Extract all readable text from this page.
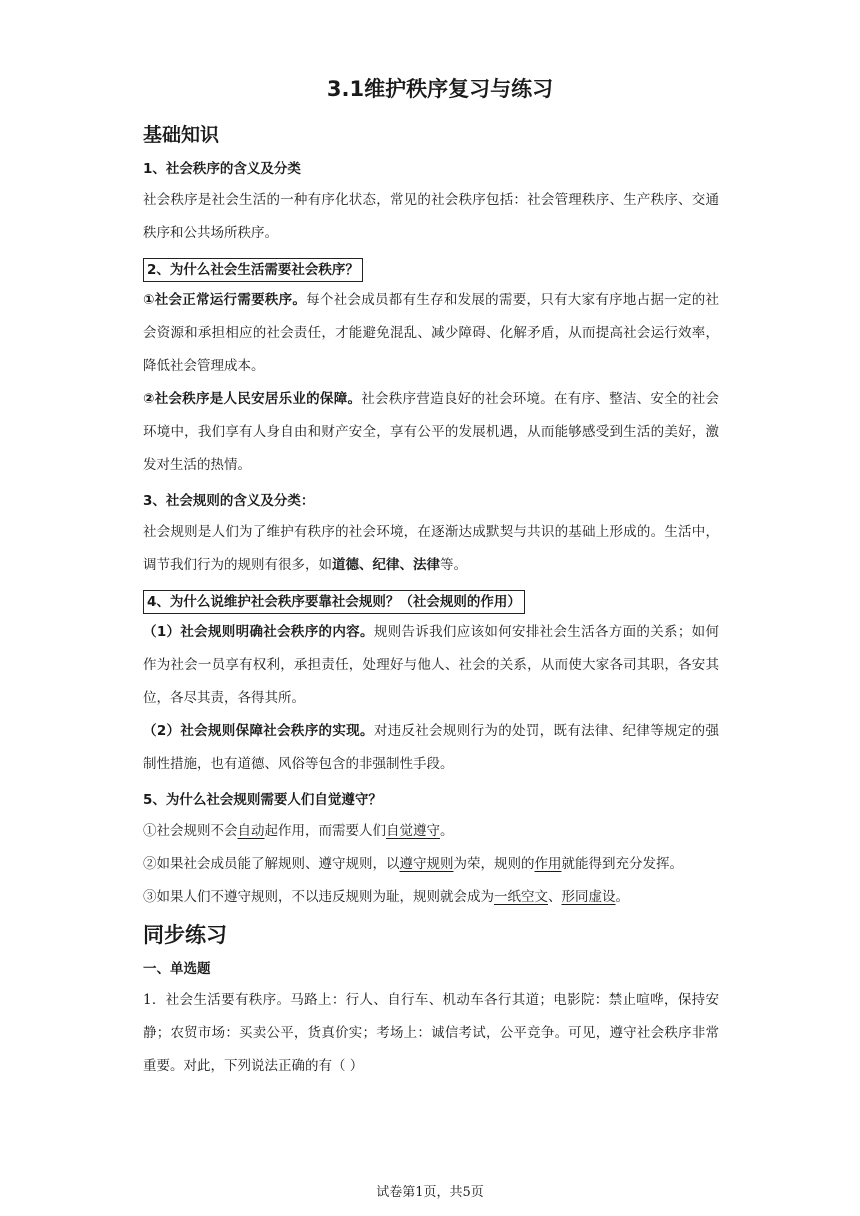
3.1维护秩序复习与练习
基础知识
1、社会秩序的含义及分类

社会秩序是社会生活的一种有序化状态，常见的社会秩序包括：社会管理秩序、生产秩序、交通秩序和公共场所秩序。

2、为什么社会生活需要社会秩序？

①社会正常运行需要秩序。每个社会成员都有生存和发展的需要，只有大家有序地占据一定的社会资源和承担相应的社会责任，才能避免混乱、减少障碍、化解矛盾，从而提高社会运行效率，降低社会管理成本。

②社会秩序是人民安居乐业的保障。社会秩序营造良好的社会环境。在有序、整洁、安全的社会环境中，我们享有人身自由和财产安全，享有公平的发展机遇，从而能够感受到生活的美好，激发对生活的热情。

3、社会规则的含义及分类：

社会规则是人们为了维护有秩序的社会环境，在逐渐达成默契与共识的基础上形成的。生活中，调节我们行为的规则有很多，如道德、纪律、法律等。

4、为什么说维护社会秩序要靠社会规则？（社会规则的作用）

（1）社会规则明确社会秩序的内容。规则告诉我们应该如何安排社会生活各方面的关系；如何作为社会一员享有权利，承担责任，处理好与他人、社会的关系，从而使大家各司其职，各安其位，各尽其责，各得其所。

（2）社会规则保障社会秩序的实现。对违反社会规则行为的处罚，既有法律、纪律等规定的强制性措施，也有道德、风俗等包含的非强制性手段。

5、为什么社会规则需要人们自觉遵守？

①社会规则不会自动起作用，而需要人们自觉遵守。

②如果社会成员能了解规则、遵守规则，以遵守规则为荣，规则的作用就能得到充分发挥。

③如果人们不遵守规则，不以违反规则为耻，规则就会成为一纸空文、形同虚设。

同步练习
一、单选题

1．社会生活要有秩序。马路上：行人、自行车、机动车各行其道；电影院：禁止喧哗，保持安静；农贸市场：买卖公平，货真价实；考场上：诚信考试，公平竞争。可见，遵守社会秩序非常重要。对此，下列说法正确的有（ ）

试卷第1页，共5页
